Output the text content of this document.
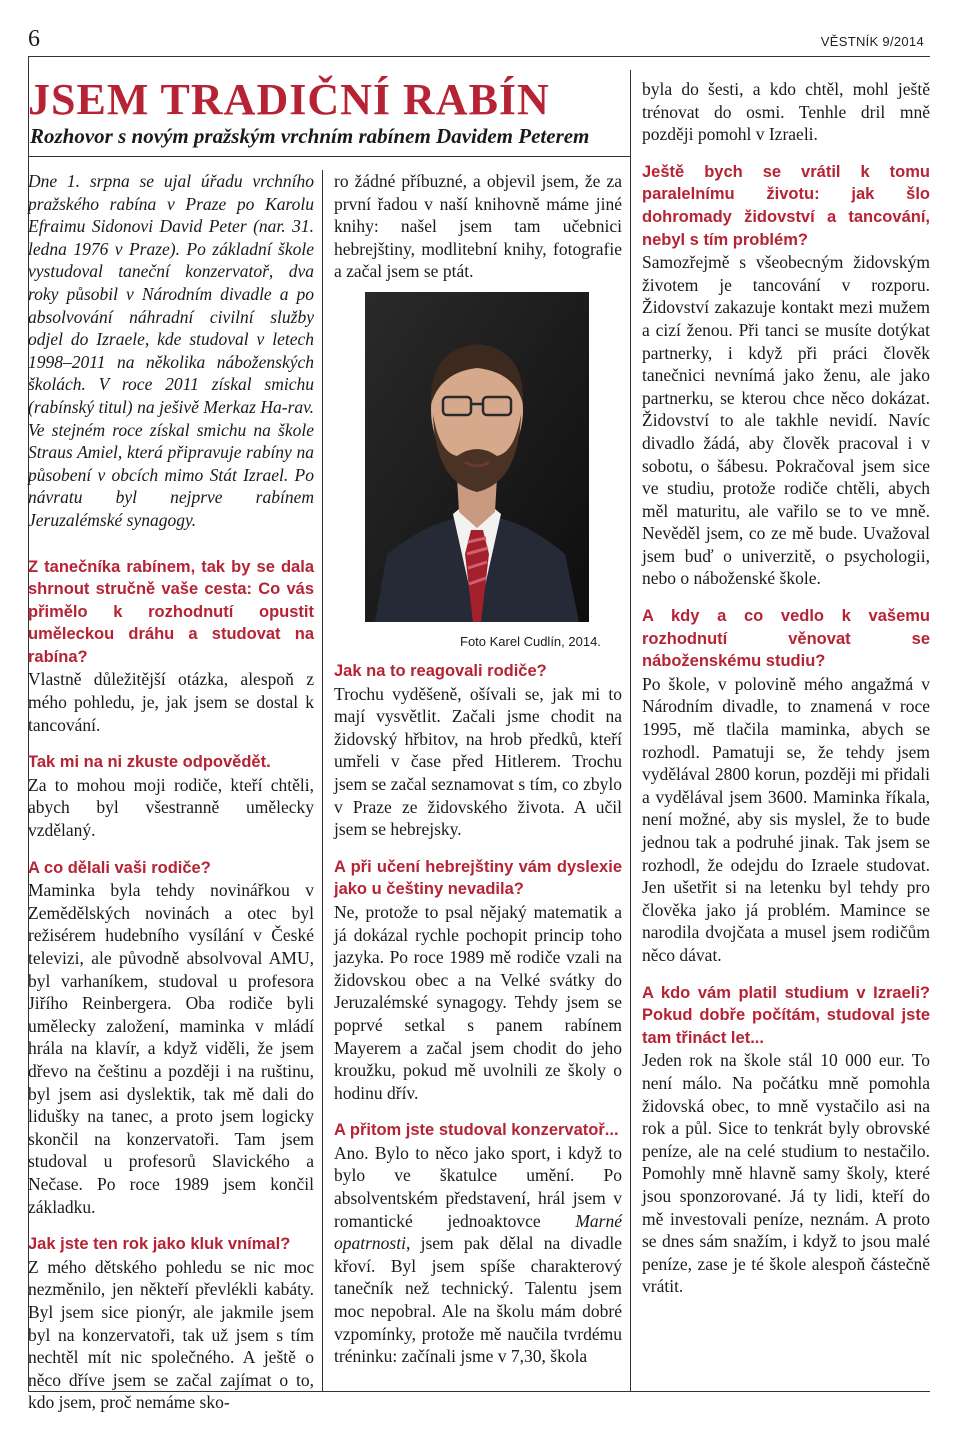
6	VĚSTNÍK 9/2014
JSEM TRADIČNÍ RABÍN
Rozhovor s novým pražským vrchním rabínem Davidem Peterem

Dne 1. srpna se ujal úřadu vrchního pražského rabína v Praze po Karolu Efraimu Sidonovi David Peter (nar. 31. ledna 1976 v Praze). Po základní škole vystudoval taneční konzervatoř, dva roky působil v Národním divadle a po absolvování náhradní civilní služby odjel do Izraele, kde studoval v letech 1998–2011 na několika náboženských školách. V roce 2011 získal smichu (rabínský titul) na ješivě Merkaz Ha-rav. Ve stejném roce získal smichu na škole Straus Amiel, která připravuje rabíny na působení v obcích mimo Stát Izrael. Po návratu byl nejprve rabínem Jeruzalémské synagogy.

Z tanečníka rabínem, tak by se dala shrnout stručně vaše cesta: Co vás přimělo k rozhodnutí opustit uměleckou dráhu a studovat na rabína?
Vlastně důležitější otázka, alespoň z mého pohledu, je, jak jsem se dostal k tancování.

Tak mi na ni zkuste odpovědět.
Za to mohou moji rodiče, kteří chtěli, abych byl všestranně umělecky vzdělaný.

A co dělali vaši rodiče?
Maminka byla tehdy novinářkou v Zemědělských novinách a otec byl režisérem hudebního vysílání v České televizi, ale původně absolvoval AMU, byl varhaníkem, studoval u profesora Jiřího Reinbergera. Oba rodiče byli umělecky založení, maminka v mládí hrála na klavír, a když viděli, že jsem dřevo na češtinu a později i na ruštinu, byl jsem asi dyslektik, tak mě dali do lidušky na tanec, a proto jsem logicky skončil na konzervatoři. Tam jsem studoval u profesorů Slavického a Nečase. Po roce 1989 jsem končil základku.

Jak jste ten rok jako kluk vnímal?
Z mého dětského pohledu se nic moc nezměnilo, jen někteří převlékli kabáty. Byl jsem sice pionýr, ale jakmile jsem byl na konzervatoři, tak už jsem s tím nechtěl mít nic společného. A ještě o něco dříve jsem se začal zajímat o to, kdo jsem, proč nemáme sko-

ro žádné příbuzné, a objevil jsem, že za první řadou v naší knihovně máme jiné knihy: našel jsem tam učebnici hebrejštiny, modlitební knihy, fotografie a začal jsem se ptát.

Foto Karel Cudlín, 2014.

Jak na to reagovali rodiče?
Trochu vyděšeně, ošívali se, jak mi to mají vysvětlit. Začali jsme chodit na židovský hřbitov, na hrob předků, kteří umřeli v čase před Hitlerem. Trochu jsem se začal seznamovat s tím, co zbylo v Praze ze židovského života. A učil jsem se hebrejsky.

A při učení hebrejštiny vám dyslexie jako u češtiny nevadila?
Ne, protože to psal nějaký matematik a já dokázal rychle pochopit princip toho jazyka. Po roce 1989 mě rodiče vzali na židovskou obec a na Velké svátky do Jeruzalémské synagogy. Tehdy jsem se poprvé setkal s panem rabínem Mayerem a začal jsem chodit do jeho kroužku, pokud mě uvolnili ze školy o hodinu dřív.

A přitom jste studoval konzervatoř...
Ano. Bylo to něco jako sport, i když to bylo ve škatulce umění. Po absolventském představení, hrál jsem v romantické jednoaktovce Marné opatrnosti, jsem pak dělal na divadle křoví. Byl jsem spíše charakterový tanečník než technický. Talentu jsem moc nepobral. Ale na školu mám dobré vzpomínky, protože mě naučila tvrdému tréninku: začínali jsme v 7,30, škola

byla do šesti, a kdo chtěl, mohl ještě trénovat do osmi. Tenhle dril mně později pomohl v Izraeli.

Ještě bych se vrátil k tomu paralelnímu životu: jak šlo dohromady židovství a tancování, nebyl s tím problém?
Samozřejmě s všeobecným židovským životem je tancování v rozporu. Židovství zakazuje kontakt mezi mužem a cizí ženou. Při tanci se musíte dotýkat partnerky, i když při práci člověk tanečnici nevnímá jako ženu, ale jako partnerku, se kterou chce něco dokázat. Židovství to ale takhle nevidí. Navíc divadlo žádá, aby člověk pracoval i v sobotu, o šábesu. Pokračoval jsem sice ve studiu, protože rodiče chtěli, abych měl maturitu, ale vařilo se to ve mně. Nevěděl jsem, co ze mě bude. Uvažoval jsem buď o univerzitě, o psychologii, nebo o náboženské škole.

A kdy a co vedlo k vašemu rozhodnutí věnovat se náboženskému studiu?
Po škole, v polovině mého angažmá v Národním divadle, to znamená v roce 1995, mě tlačila maminka, abych se rozhodl. Pamatuji se, že tehdy jsem vydělával 2800 korun, později mi přidali a vydělával jsem 3600. Maminka říkala, není možné, aby sis myslel, že to bude jednou tak a podruhé jinak. Tak jsem se rozhodl, že odejdu do Izraele studovat. Jen ušetřit si na letenku byl tehdy pro člověka jako já problém. Mamince se narodila dvojčata a musel jsem rodičům něco dávat.

A kdo vám platil studium v Izraeli? Pokud dobře počítám, studoval jste tam třináct let...
Jeden rok na škole stál 10 000 eur. To není málo. Na počátku mně pomohla židovská obec, to mně vystačilo asi na rok a půl. Sice to tenkrát byly obrovské peníze, ale na celé studium to nestačilo. Pomohly mně hlavně samy školy, které jsou sponzorované. Já ty lidi, kteří do mě investovali peníze, neznám. A proto se dnes sám snažím, i když to jsou malé peníze, zase je té škole alespoň částečně vrátit.
